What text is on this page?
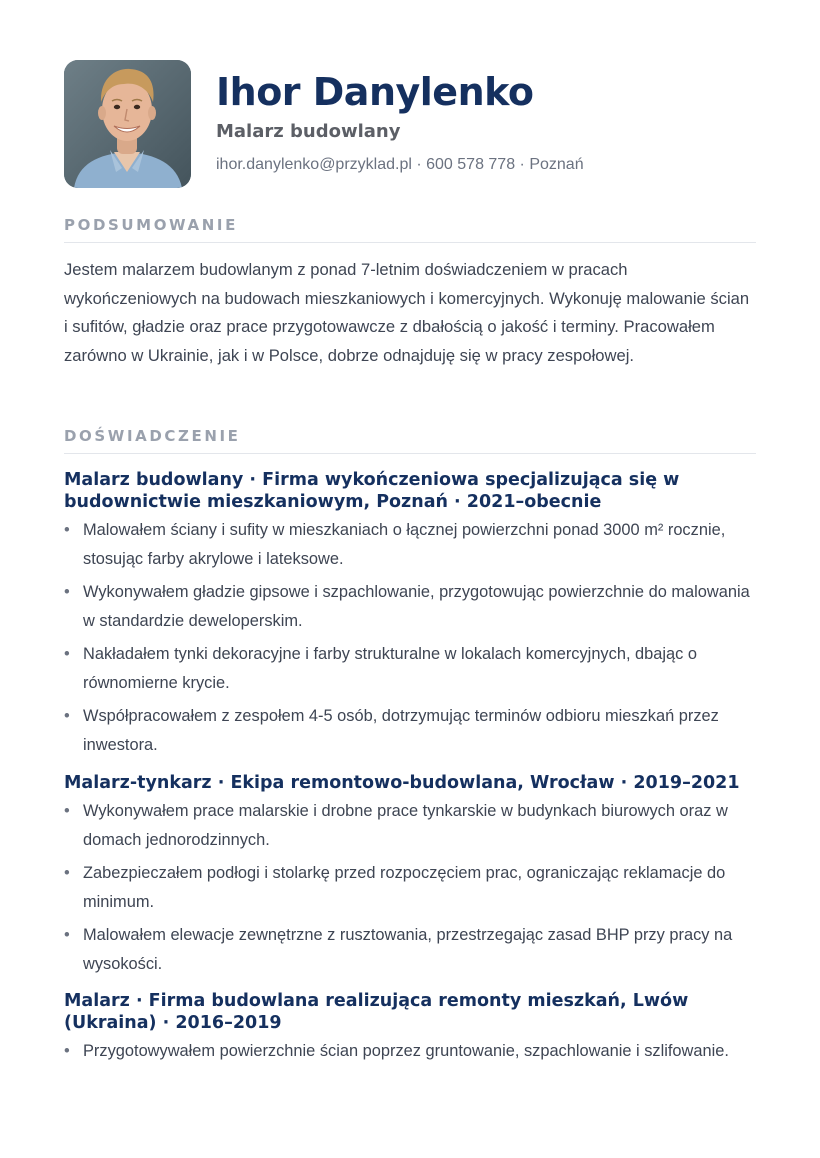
Ihor Danylenko
Malarz budowlany
ihor.danylenko@przyklad.pl · 600 578 778 · Poznań
PODSUMOWANIE

Jestem malarzem budowlanym z ponad 7-letnim doświadczeniem w pracach wykończeniowych na budowach mieszkaniowych i komercyjnych. Wykonuję malowanie ścian i sufitów, gładzie oraz prace przygotowawcze z dbałością o jakość i terminy. Pracowałem zarówno w Ukrainie, jak i w Polsce, dobrze odnajduję się w pracy zespołowej.

DOŚWIADCZENIE
Malarz budowlany · Firma wykończeniowa specjalizująca się w budownictwie mieszkaniowym, Poznań · 2021–obecnie
• Malowałem ściany i sufity w mieszkaniach o łącznej powierzchni ponad 3000 m² rocznie, stosując farby akrylowe i lateksowe.
• Wykonywałem gładzie gipsowe i szpachlowanie, przygotowując powierzchnie do malowania w standardzie deweloperskim.
• Nakładałem tynki dekoracyjne i farby strukturalne w lokalach komercyjnych, dbając o równomierne krycie.
• Współpracowałem z zespołem 4-5 osób, dotrzymując terminów odbioru mieszkań przez inwestora.
Malarz-tynkarz · Ekipa remontowo-budowlana, Wrocław · 2019–2021
• Wykonywałem prace malarskie i drobne prace tynkarskie w budynkach biurowych oraz w domach jednorodzinnych.
• Zabezpieczałem podłogi i stolarkę przed rozpoczęciem prac, ograniczając reklamacje do minimum.
• Malowałem elewacje zewnętrzne z rusztowania, przestrzegając zasad BHP przy pracy na wysokości.
Malarz · Firma budowlana realizująca remonty mieszkań, Lwów (Ukraina) · 2016–2019
• Przygotowywałem powierzchnie ścian poprzez gruntowanie, szpachlowanie i szlifowanie.
